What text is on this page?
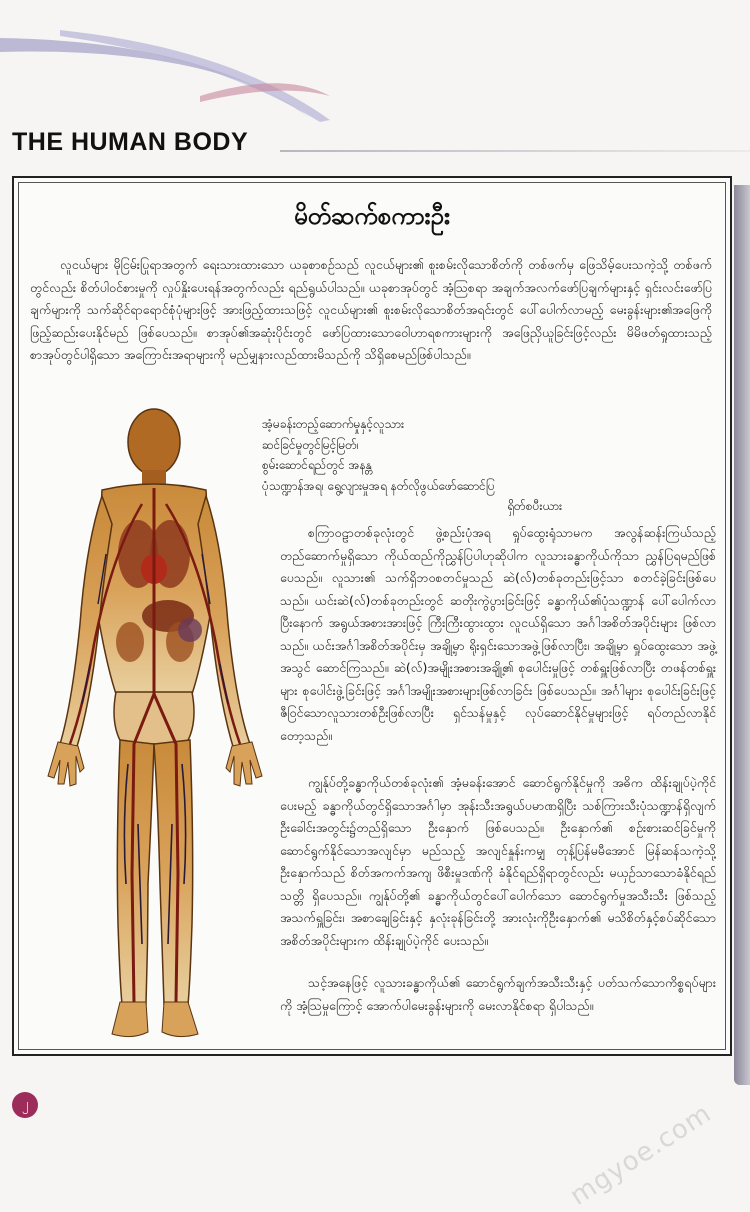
THE HUMAN BODY
မိတ်ဆက်စကားဦး

လူငယ်များ မိုငြမ်းပြုရာအတွက် ရေးသားထားသော ယခုစာစဉ်သည် လူငယ်များ၏ စူးစမ်းလိုသောစိတ်ကို တစ်ဖက်မှ ဖြေသိမ့်ပေးသကဲ့သို့ တစ်ဖက်တွင်လည်း စိတ်ပါဝင်စားမှုကို လှုပ်နှိုးပေးရန်အတွက်လည်း ရည်ရွယ်ပါသည်။ ယခုစာအုပ်တွင် အံ့သြစရာ အချက်အလက်ဖော်ပြချက်များနှင့် ရှင်းလင်းဖော်ပြချက်များကို သက်ဆိုင်ရာရောင်စုံပုံများဖြင့် အားဖြည့်ထားသဖြင့် လူငယ်များ၏ စူးစမ်းလိုသောစိတ်အရင်းတွင် ပေါ်ပေါက်လာမည့် မေးခွန်းများ၏အဖြေကို ဖြည့်ဆည်းပေးနိုင်မည် ဖြစ်ပေသည်။ စာအုပ်၏အဆုံးပိုင်းတွင် ဖော်ပြထားသောဝေါဟာရစကားများကို အဖြေညှိယူခြင်းဖြင့်လည်း မိမိဖတ်ရှုထားသည့် စာအုပ်တွင်ပါရှိသော အကြောင်းအရာများကို မည်မျှနားလည်ထားမိသည်ကို သိရှိစေမည်ဖြစ်ပါသည်။

အံ့မခန်းတည့်ဆောက်မှုနှင့်လူသား

ဆင်ခြင်မှုတွင်မြင့်မြတ်၊

စွမ်းဆောင်ရည်တွင် အနန္တ

ပုံသဏ္ဍာန်အရ၊ ရွေ့လျားမှုအရ နတ်လိုဖွယ်ဖော်ဆောင်ပြ

ရှိတ်စပီးယား

စကြာဝဠာတစ်ခုလုံးတွင် ဖွဲ့စည်းပုံအရ ရှုပ်ထွေးရုံသာမက အလွန်ဆန်းကြယ်သည့် တည်ဆောက်မှုရှိသော ကိုယ်ထည်ကိုညွှန်ပြပါဟုဆိုပါက လူသားခန္ဓာကိုယ်ကိုသာ ညွှန်ပြရမည်ဖြစ်ပေသည်။ လူသား၏ သက်ရှိဘဝစတင်မှုသည် ဆဲ(လ်)တစ်ခုတည်းဖြင့်သာ စတင်ခဲ့ခြင်းဖြစ်ပေသည်။ ယင်းဆဲ(လ်)တစ်ခုတည်းတွင် ဆတိုးကွဲပွားခြင်းဖြင့် ခန္ဓာကိုယ်၏ပုံသဏ္ဍာန် ပေါ်ပေါက်လာပြီးနောက် အရွယ်အစားအားဖြင့် ကြီးကြီးထွားထွား လူငယ်ရှိသော အင်္ဂါအစိတ်အပိုင်းများ ဖြစ်လာသည်။ ယင်းအင်္ဂါအစိတ်အပိုင်းမှ အချို့မှာ ရိုးရှင်းသောအဖွဲ့ဖြစ်လာပြီး၊ အချို့မှာ ရှုပ်ထွေးသော အဖွဲ့အသွင် ဆောင်ကြသည်။ ဆဲ(လ်)အမျိုးအစားအချို့၏ စုပေါင်းမှုဖြင့် တစ်ရှူးဖြစ်လာပြီး တဖန်တစ်ရှူးများ စုပေါင်းဖွဲ့ခြင်းဖြင့် အင်္ဂါအမျိုးအစားများဖြစ်လာခြင်း ဖြစ်ပေသည်။ အင်္ဂါများ စုပေါင်းခြင်းဖြင့် ဇီဝြင်သောလူသားတစ်ဦးဖြစ်လာပြီး ရှင်သန်မှုနှင့် လုပ်ဆောင်နိုင်မှုများဖြင့် ရပ်တည်လာနိုင်တော့သည်။

ကျွန်ုပ်တို့ခန္ဓာကိုယ်တစ်ခုလုံး၏ အံ့မခန်းအောင် ဆောင်ရွက်နိုင်မှုကို အဓိက ထိန်းချုပ်ပဲ့ကိုင်ပေးမည့် ခန္ဓာကိုယ်တွင်ရှိသောအင်္ဂါမှာ အုန်းသီးအရွယ်ပမာဏရှိပြီး သစ်ကြားသီးပုံသဏ္ဍာန်ရှိလျက် ဦးခေါင်းအတွင်း၌တည်ရှိသော ဦးနှောက် ဖြစ်ပေသည်။ ဦးနှောက်၏ စဉ်းစားဆင်ခြင်မှုကို ဆောင်ရွက်နိုင်သောအလျင်မှာ မည်သည့် အလျင်နှုန်းကမျှ တုန့်ပြန်မမီအောင် မြန်ဆန်သကဲ့သို့ ဦးနှောက်သည် စိတ်အကက်အကျ ဖိစီးမှုဒဏ်ကို ခံနိုင်ရည်ရှိရာတွင်လည်း မယှဉ်သာသောခံနိုင်ရည်သတ္တိ ရှိပေသည်။ ကျွန်ုပ်တို့၏ ခန္ဓာကိုယ်တွင်ပေါ်ပေါက်သော ဆောင်ရွက်မှုအသီးသီး ဖြစ်သည့် အသက်ရှူခြင်း၊ အစာချေခြင်းနှင့် နှလုံးခုန်ခြင်းတို့ အားလုံးကိုဦးနှောက်၏ မသိစိတ်နှင့်စပ်ဆိုင်သော အစိတ်အပိုင်းများက ထိန်းချုပ်ပဲ့ကိုင် ပေးသည်။

သင့်အနေဖြင့် လူသားခန္ဓာကိုယ်၏ ဆောင်ရွက်ချက်အသီးသီးနှင့် ပတ်သက်သောကိစ္စရပ်များကို အံ့သြမှုကြောင့် အောက်ပါမေးခွန်းများကို မေးလာနိုင်စရာ ရှိပါသည်။

၂	mgyoe.com
